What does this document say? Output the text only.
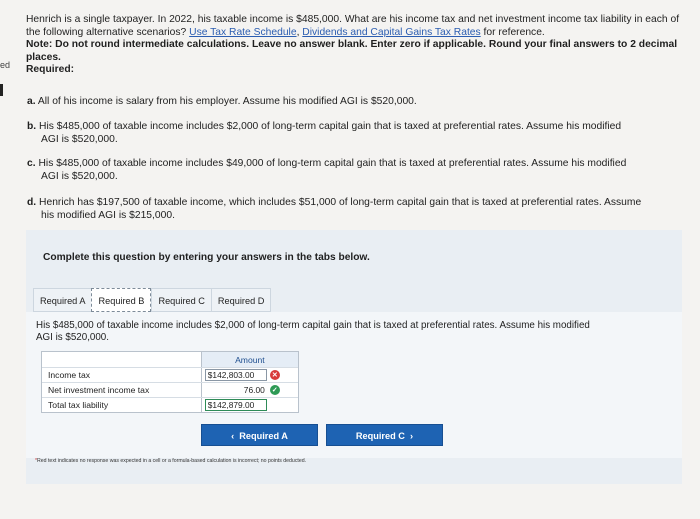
ed
Henrich is a single taxpayer. In 2022, his taxable income is $485,000. What are his income tax and net investment income tax liability in each of the following alternative scenarios? Use Tax Rate Schedule, Dividends and Capital Gains Tax Rates for reference.
Note: Do not round intermediate calculations. Leave no answer blank. Enter zero if applicable. Round your final answers to 2 decimal places.
Required:
a. All of his income is salary from his employer. Assume his modified AGI is $520,000.
b. His $485,000 of taxable income includes $2,000 of long-term capital gain that is taxed at preferential rates. Assume his modified
AGI is $520,000.
c. His $485,000 of taxable income includes $49,000 of long-term capital gain that is taxed at preferential rates. Assume his modified
AGI is $520,000.
d. Henrich has $197,500 of taxable income, which includes $51,000 of long-term capital gain that is taxed at preferential rates. Assume
his modified AGI is $215,000.
Complete this question by entering your answers in the tabs below.
Required A	Required B	Required C	Required D
His $485,000 of taxable income includes $2,000 of long-term capital gain that is taxed at preferential rates. Assume his modified AGI is $520,000.
Amount
Income tax	$142,803.00	✕
Net investment income tax	76.00 ✓
Total tax liability	$142,879.00
‹ Required A	Required C ›
*Red text indicates no response was expected in a cell or a formula-based calculation is incorrect; no points deducted.
